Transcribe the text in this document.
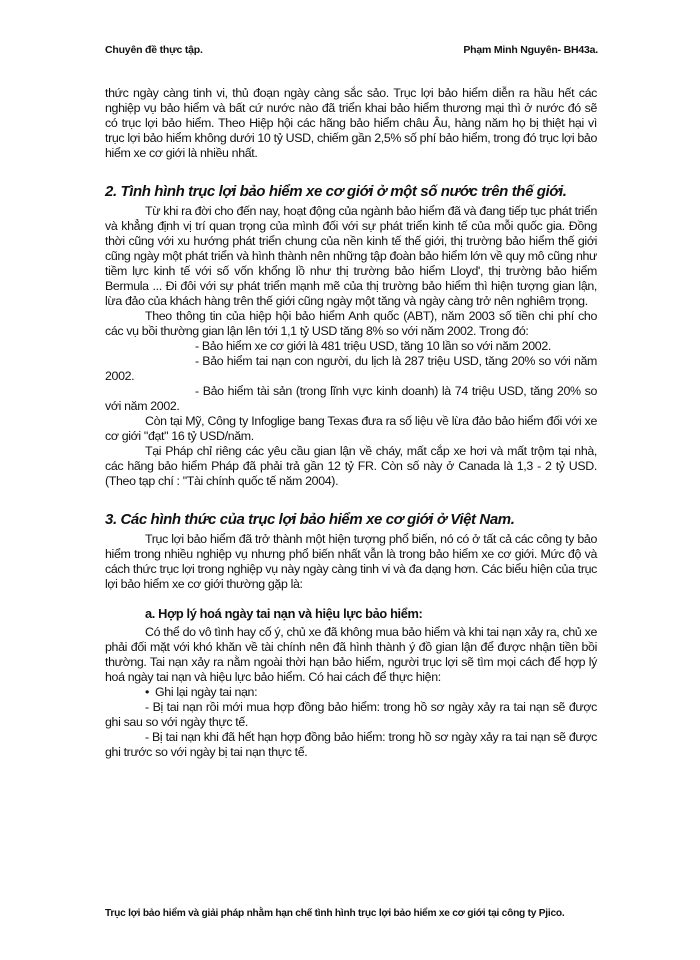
Chuyên đề thực tập.	Phạm Minh Nguyên- BH43a.

thức ngày càng tinh vi, thủ đoạn ngày càng sắc sảo. Trục lợi bảo hiểm diễn ra hầu hết các nghiệp vụ bảo hiểm và bất cứ nước nào đã triển khai bảo hiểm thương mại thì ở nước đó sẽ có trục lợi bảo hiểm. Theo Hiệp hội các hãng bảo hiểm châu Âu, hàng năm họ bị thiệt hại vì trục lợi bảo hiểm không dưới 10 tỷ USD, chiếm gần 2,5% số phí bảo hiểm, trong đó trục lợi bảo hiểm xe cơ giới là nhiều nhất.

2. Tình hình trục lợi bảo hiểm xe cơ giới ở một số nước trên thế giới.

Từ khi ra đời cho đến nay, hoạt động của ngành bảo hiểm đã và đang tiếp tục phát triển và khẳng định vị trí quan trọng của mình đối với sự phát triển kinh tế của mỗi quốc gia. Đồng thời cũng với xu hướng phát triển chung của nền kinh tế thế giới, thị trường bảo hiểm thế giới cũng ngày một phát triển và hình thành nên những tập đoàn bảo hiểm lớn về quy mô cũng như tiềm lực kinh tế với số vốn khổng lồ như thị trường bảo hiểm Lloyd', thị trường bảo hiểm Bermula ... Đi đôi với sự phát triển mạnh mẽ của thị trường bảo hiểm thì hiện tượng gian lận, lừa đảo của khách hàng trên thế giới cũng ngày một tăng và ngày càng trở nên nghiêm trọng.

Theo thông tin của hiệp hội bảo hiểm Anh quốc (ABT), năm 2003 số tiền chi phí cho các vụ bồi thường gian lận lên tới 1,1 tỷ USD tăng 8% so với năm 2002. Trong đó:

- Bảo hiểm xe cơ giới là 481 triệu USD, tăng 10 lần so với năm 2002.

- Bảo hiểm tai nạn con người, du lịch là 287 triệu USD, tăng 20% so với năm 2002.

- Bảo hiểm tài sản (trong lĩnh vực kinh doanh) là 74 triệu USD, tăng 20% so với năm 2002.

Còn tại Mỹ, Công ty Infoglige bang Texas đưa ra số liệu về lừa đảo bảo hiểm đối với xe cơ giới "đạt" 16 tỷ USD/năm.

Tại Pháp chỉ riêng các yêu cầu gian lận về cháy, mất cắp xe hơi và mất trộm tại nhà, các hãng bảo hiểm Pháp đã phải trả gần 12 tỷ FR. Còn số này ở Canada là 1,3 - 2 tỷ USD. (Theo tạp chí : "Tài chính quốc tế năm 2004).

3. Các hình thức của trục lợi bảo hiểm xe cơ giới ở Việt Nam.

Trục lợi bảo hiểm đã trở thành một hiện tượng phổ biến, nó có ở tất cả các công ty bảo hiểm trong nhiều nghiệp vụ nhưng phổ biến nhất vẫn là trong bảo hiểm xe cơ giới. Mức độ và cách thức trục lợi trong nghiệp vụ này ngày càng tinh vi và đa dạng hơn. Các biểu hiện của trục lợi bảo hiểm xe cơ giới thường gặp là:

a. Hợp lý hoá ngày tai nạn và hiệu lực bảo hiểm:

Có thể do vô tình hay cố ý, chủ xe đã không mua bảo hiểm và khi tai nạn xảy ra, chủ xe phải đối mặt với khó khăn về tài chính nên đã hình thành ý đồ gian lận để được nhận tiền bồi thường. Tai nạn xảy ra nằm ngoài thời hạn bảo hiểm, người trục lợi sẽ tìm mọi cách để hợp lý hoá ngày tai nạn và hiệu lực bảo hiểm. Có hai cách để thực hiện:

• Ghi lại ngày tai nạn:

- Bị tai nạn rồi mới mua hợp đồng bảo hiểm: trong hồ sơ ngày xảy ra tai nạn sẽ được ghi sau so với ngày thực tế.

- Bị tai nạn khi đã hết hạn hợp đồng bảo hiểm: trong hồ sơ ngày xảy ra tai nạn sẽ được ghi trước so với ngày bị tai nạn thực tế.

Trục lợi bảo hiểm và giải pháp nhằm hạn chế tình hình trục lợi bảo hiểm xe cơ giới tại công ty Pjico.
